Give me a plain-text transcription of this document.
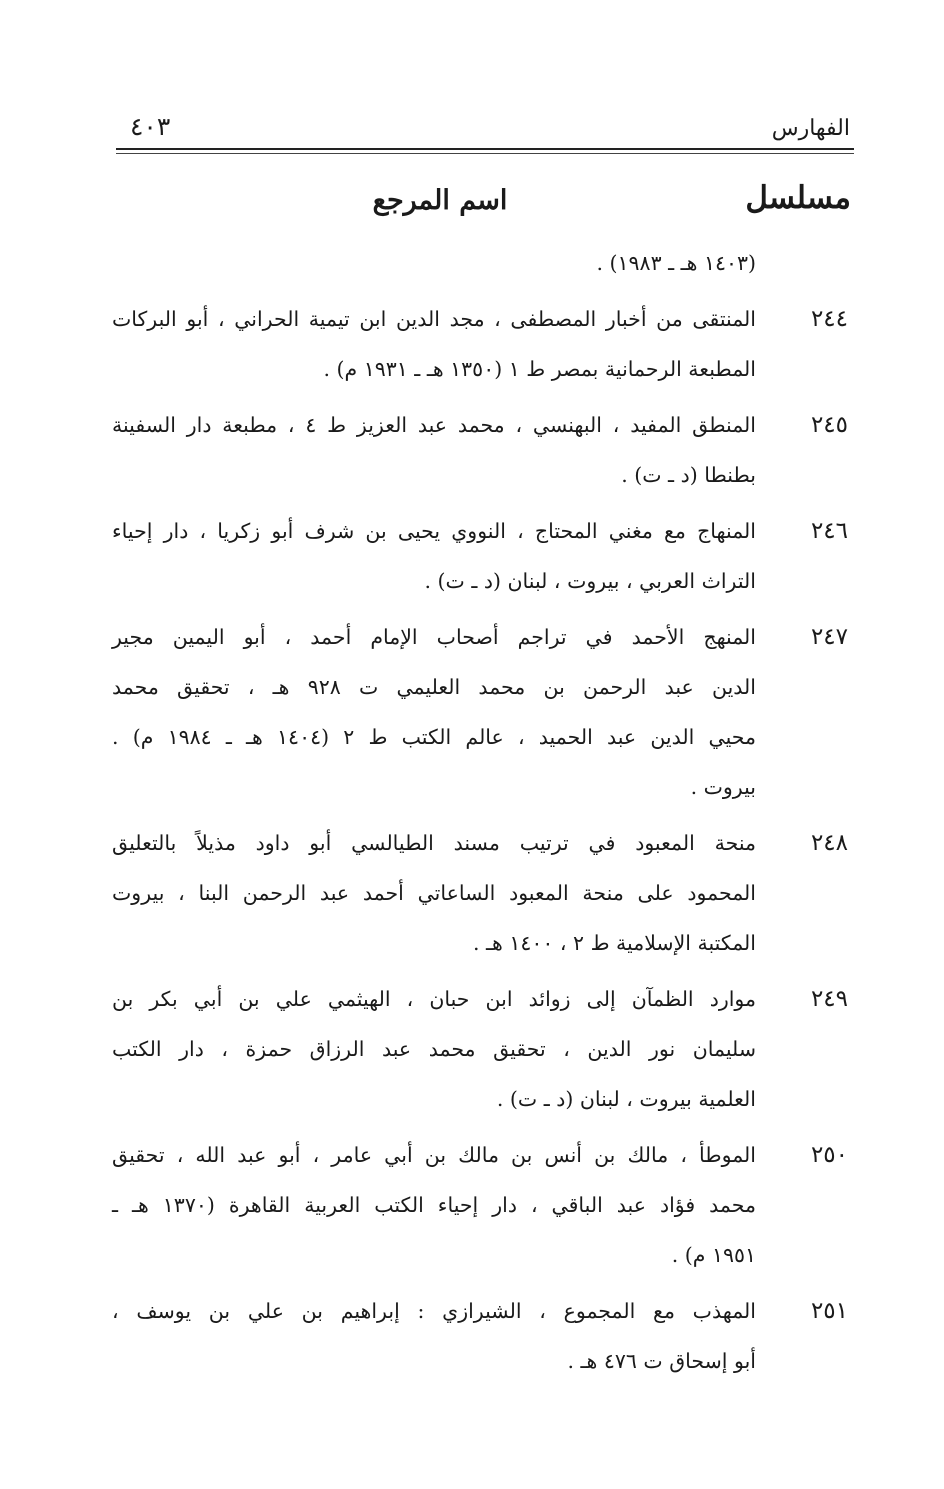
الفهارس
٤٠٣
مسلسل
اسم المرجع
(١٤٠٣ هـ ـ ١٩٨٣) .
٢٤٤
المنتقى من أخبار المصطفى ، مجد الدين ابن تيمية الحراني ، أبو البركات
المطبعة الرحمانية بمصر ط ١ (١٣٥٠ هـ ـ ١٩٣١ م) .
٢٤٥
المنطق المفيد ، البهنسي ، محمد عبد العزيز ط ٤ ، مطبعة دار السفينة
بطنطا (د ـ ت) .
٢٤٦
المنهاج مع مغني المحتاج ، النووي يحيى بن شرف أبو زكريا ، دار إحياء
التراث العربي ، بيروت ، لبنان (د ـ ت) .
٢٤٧
المنهج الأحمد في تراجم أصحاب الإمام أحمد ، أبو اليمين مجير
الدين عبد الرحمن بن محمد العليمي ت ٩٢٨ هـ ، تحقيق محمد
محيي الدين عبد الحميد ، عالم الكتب ط ٢ (١٤٠٤ هـ ـ ١٩٨٤ م) .
بيروت .
٢٤٨
منحة المعبود في ترتيب مسند الطيالسي أبو داود مذيلاً بالتعليق
المحمود على منحة المعبود الساعاتي أحمد عبد الرحمن البنا ، بيروت
المكتبة الإسلامية ط ٢ ، ١٤٠٠ هـ .
٢٤٩
موارد الظمآن إلى زوائد ابن حبان ، الهيثمي علي بن أبي بكر بن
سليمان نور الدين ، تحقيق محمد عبد الرزاق حمزة ، دار الكتب
العلمية بيروت ، لبنان (د ـ ت) .
٢٥٠
الموطأ ، مالك بن أنس بن مالك بن أبي عامر ، أبو عبد الله ، تحقيق
محمد فؤاد عبد الباقي ، دار إحياء الكتب العربية القاهرة (١٣٧٠ هـ ـ
١٩٥١ م) .
٢٥١
المهذب مع المجموع ، الشيرازي : إبراهيم بن علي بن يوسف ،
أبو إسحاق ت ٤٧٦ هـ .
